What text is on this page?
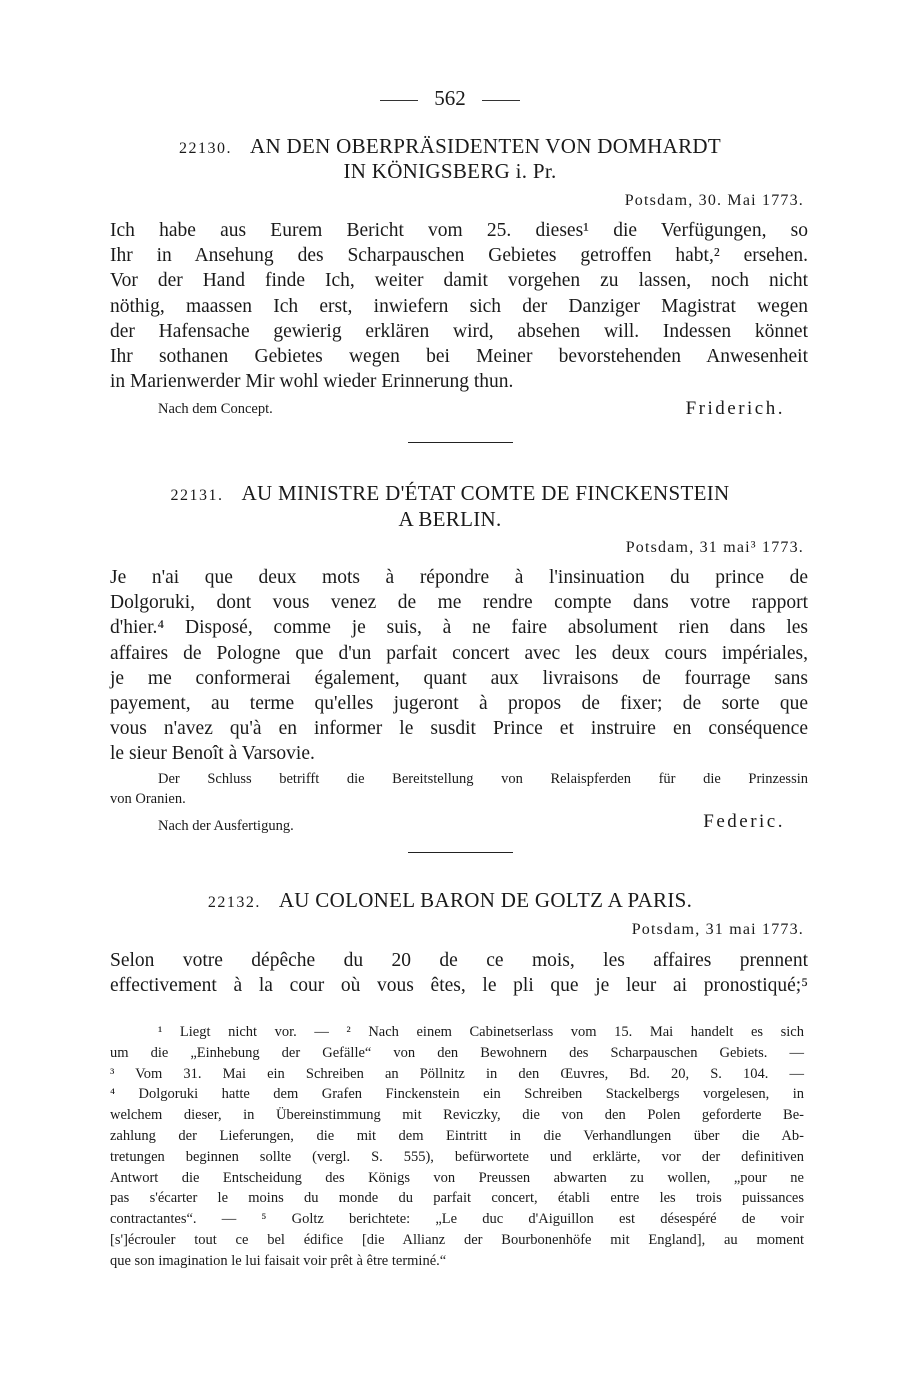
562
22130. AN DEN OBERPRÄSIDENTEN VON DOMHARDT
IN KÖNIGSBERG i. Pr.
Potsdam, 30. Mai 1773.
Ich habe aus Eurem Bericht vom 25. dieses¹ die Verfügungen, so
Ihr in Ansehung des Scharpauschen Gebietes getroffen habt,² ersehen.
Vor der Hand finde Ich, weiter damit vorgehen zu lassen, noch nicht
nöthig, maassen Ich erst, inwiefern sich der Danziger Magistrat wegen
der Hafensache gewierig erklären wird, absehen will. Indessen könnet
Ihr sothanen Gebietes wegen bei Meiner bevorstehenden Anwesenheit
in Marienwerder Mir wohl wieder Erinnerung thun.
Nach dem Concept.	Friderich.
22131. AU MINISTRE D'ÉTAT COMTE DE FINCKENSTEIN
A BERLIN.
Potsdam, 31 mai³ 1773.
Je n'ai que deux mots à répondre à l'insinuation du prince de
Dolgoruki, dont vous venez de me rendre compte dans votre rapport
d'hier.⁴ Disposé, comme je suis, à ne faire absolument rien dans les
affaires de Pologne que d'un parfait concert avec les deux cours impériales,
je me conformerai également, quant aux livraisons de fourrage sans
payement, au terme qu'elles jugeront à propos de fixer; de sorte que
vous n'avez qu'à en informer le susdit Prince et instruire en conséquence
le sieur Benoît à Varsovie.
Der Schluss betrifft die Bereitstellung von Relaispferden für die Prinzessin
von Oranien.
Nach der Ausfertigung.	Federic.
22132. AU COLONEL BARON DE GOLTZ A PARIS.
Potsdam, 31 mai 1773.
Selon votre dépêche du 20 de ce mois, les affaires prennent
effectivement à la cour où vous êtes, le pli que je leur ai pronostiqué;⁵
¹ Liegt nicht vor. — ² Nach einem Cabinetserlass vom 15. Mai handelt es sich
um die „Einhebung der Gefälle“ von den Bewohnern des Scharpauschen Gebiets. —
³ Vom 31. Mai ein Schreiben an Pöllnitz in den Œuvres, Bd. 20, S. 104. —
⁴ Dolgoruki hatte dem Grafen Finckenstein ein Schreiben Stackelbergs vorgelesen, in
welchem dieser, in Übereinstimmung mit Reviczky, die von den Polen geforderte Be-
zahlung der Lieferungen, die mit dem Eintritt in die Verhandlungen über die Ab-
tretungen beginnen sollte (vergl. S. 555), befürwortete und erklärte, vor der definitiven
Antwort die Entscheidung des Königs von Preussen abwarten zu wollen, „pour ne
pas s'écarter le moins du monde du parfait concert, établi entre les trois puissances
contractantes“. — ⁵ Goltz berichtete: „Le duc d'Aiguillon est désespéré de voir
[s']écrouler tout ce bel édifice [die Allianz der Bourbonenhöfe mit England], au moment
que son imagination le lui faisait voir prêt à être terminé.“
